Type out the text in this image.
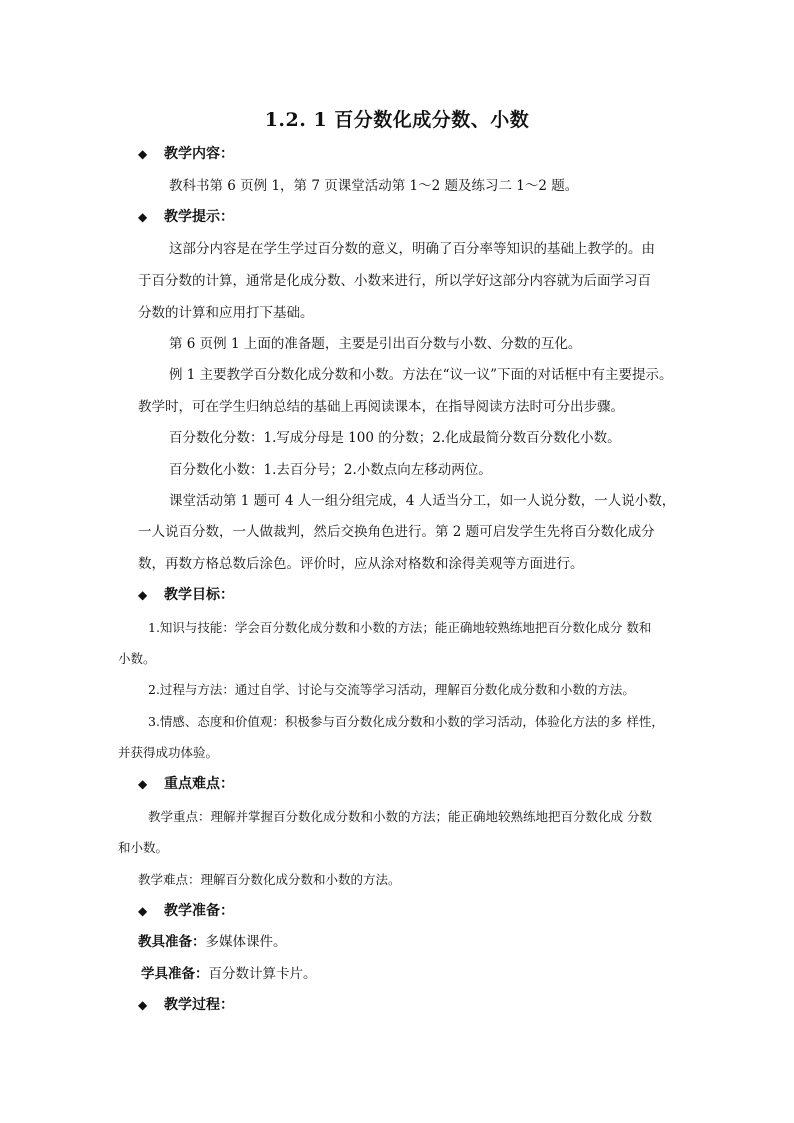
1.2. 1 百分数化成分数、小数
◆ 教学内容：
教科书第 6 页例 1，第 7 页课堂活动第 1～2 题及练习二 1～2 题。
◆ 教学提示：
这部分内容是在学生学过百分数的意义，明确了百分率等知识的基础上教学的。由
于百分数的计算，通常是化成分数、小数来进行，所以学好这部分内容就为后面学习百
分数的计算和应用打下基础。
第 6 页例 1 上面的准备题，主要是引出百分数与小数、分数的互化。
例 1 主要教学百分数化成分数和小数。方法在“议一议”下面的对话框中有主要提示。
教学时，可在学生归纳总结的基础上再阅读课本，在指导阅读方法时可分出步骤。
百分数化分数：1.写成分母是 100 的分数；2.化成最简分数百分数化小数。
百分数化小数：1.去百分号；2.小数点向左移动两位。
课堂活动第 1 题可 4 人一组分组完成，4 人适当分工，如一人说分数，一人说小数，
一人说百分数，一人做裁判，然后交换角色进行。第 2 题可启发学生先将百分数化成分
数，再数方格总数后涂色。评价时，应从涂对格数和涂得美观等方面进行。
◆ 教学目标：
1.知识与技能：学会百分数化成分数和小数的方法；能正确地较熟练地把百分数化成分 数和
小数。
2.过程与方法：通过自学、讨论与交流等学习活动，理解百分数化成分数和小数的方法。
3.情感、态度和价值观：积极参与百分数化成分数和小数的学习活动，体验化方法的多 样性，
并获得成功体验。
◆ 重点难点：
教学重点：理解并掌握百分数化成分数和小数的方法；能正确地较熟练地把百分数化成 分数
和小数。
教学难点：理解百分数化成分数和小数的方法。
◆ 教学准备：
教具准备：多媒体课件。
学具准备：百分数计算卡片。
◆ 教学过程：
